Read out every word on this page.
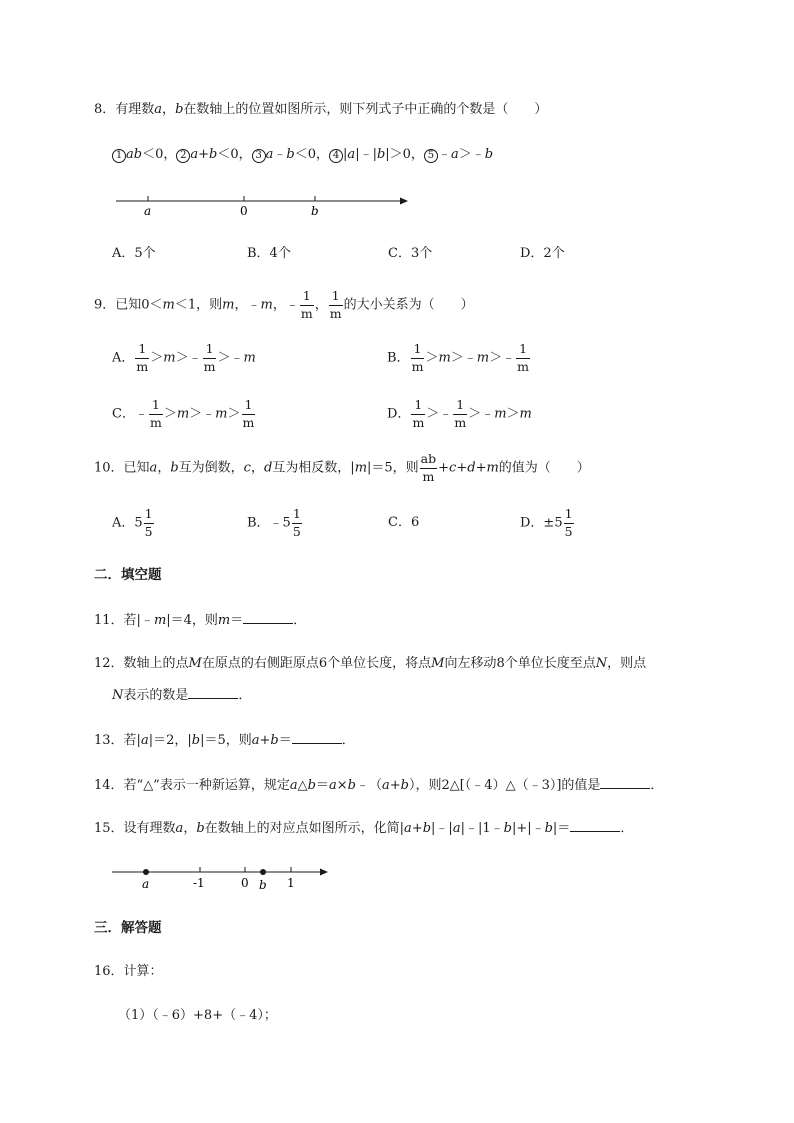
8．有理数a，b在数轴上的位置如图所示，则下列式子中正确的个数是（　　）
1 ab＜0， 2 a+b＜0， 3 a﹣b＜0， 4 |a|﹣|b|＞0， 5 ﹣a＞﹣b
a	0	b
A．5个	B．4个	C．3个	D．2个
9．已知0＜m＜1，则m，﹣m，﹣ $\frac{1}{m}$ ， $\frac{1}{m}$ 的大小关系为（　　）
A． $\frac{1}{m}$ ＞m＞﹣ $\frac{1}{m}$ ＞﹣m	B． $\frac{1}{m}$ ＞m＞﹣m＞﹣ $\frac{1}{m}$
C．﹣ $\frac{1}{m}$ ＞m＞﹣m＞ $\frac{1}{m}$	D． $\frac{1}{m}$ ＞﹣ $\frac{1}{m}$ ＞﹣m＞m
10．已知a，b互为倒数，c，d互为相反数，|m|＝5，则 $\frac{ab}{m} +c+d+m$的值为（　　）
A．$5 \frac{1}{5}$	B．﹣5 $\frac{1}{5}$	C．6	D．$\pm 5 \frac{1}{5}$
二．填空题
11．若|﹣m|＝4，则m＝	．
12．数轴上的点M在原点的右侧距原点6个单位长度，将点M向左移动8个单位长度至点N，则点
N表示的数是	．
13．若|a|＝2，|b|＝5，则a+b＝	．
14．若“△”表示一种新运算，规定a△b＝a×b﹣（a+b），则2△[（﹣4）△（﹣3）]的值是	．
15．设有理数a，b在数轴上的对应点如图所示，化简|a+b|﹣|a|﹣|1﹣b|+|﹣b|＝	．
a	-1	0 b 1
三．解答题
16．计算：
（1）（﹣6）+8+（﹣4）；
